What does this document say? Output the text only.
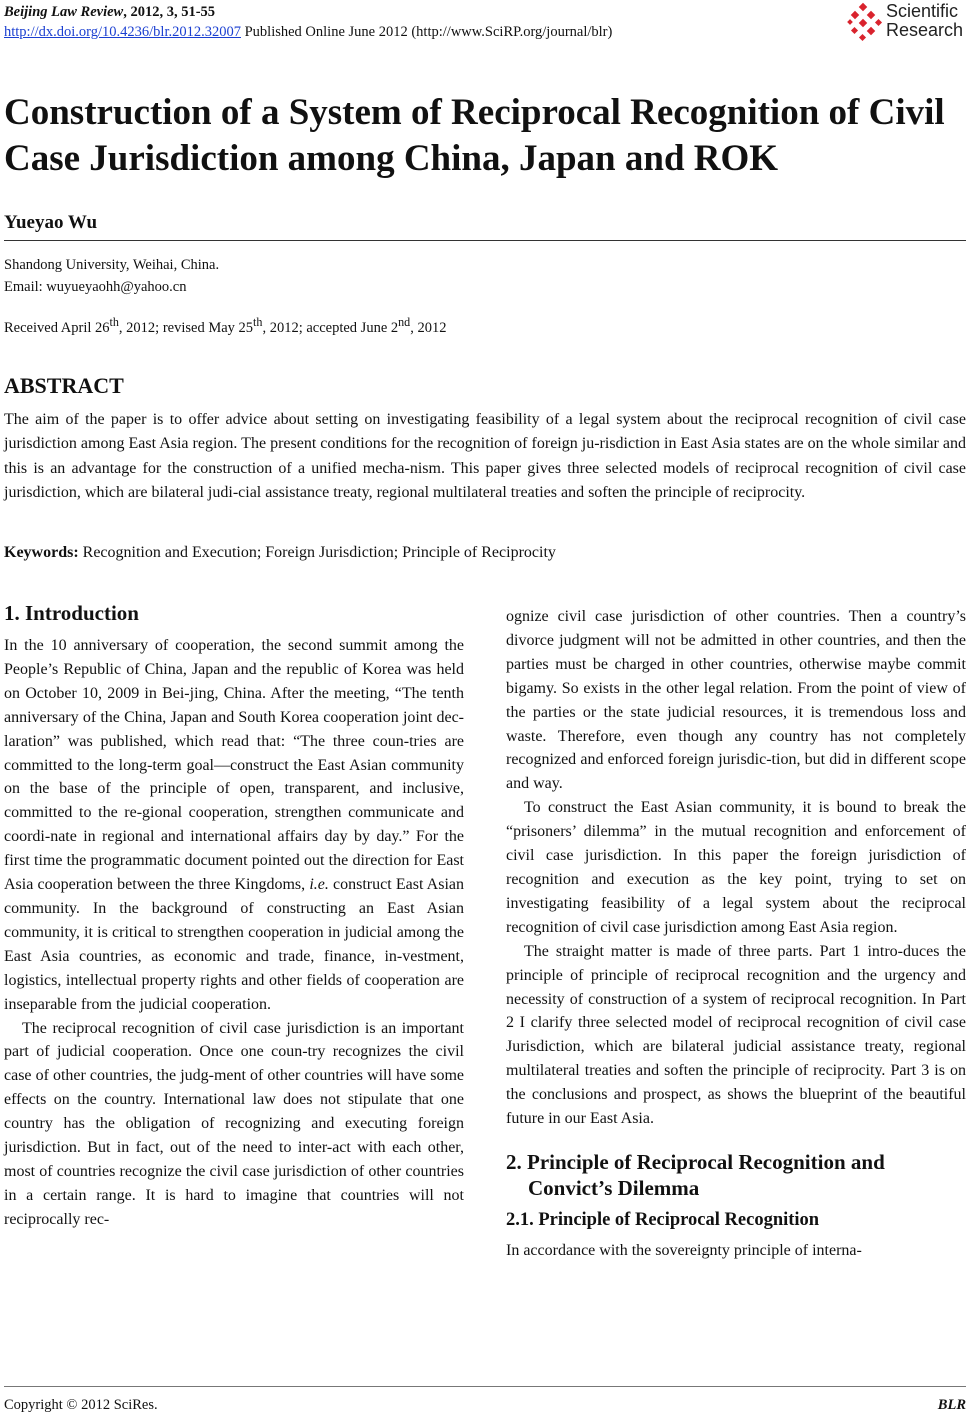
Beijing Law Review, 2012, 3, 51-55
http://dx.doi.org/10.4236/blr.2012.32007 Published Online June 2012 (http://www.SciRP.org/journal/blr)
Scientific
Research
Construction of a System of Reciprocal Recognition of Civil Case Jurisdiction among China, Japan and ROK
Yueyao Wu
Shandong University, Weihai, China.
Email: wuyueyaohh@yahoo.cn
Received April 26th, 2012; revised May 25th, 2012; accepted June 2nd, 2012
ABSTRACT

The aim of the paper is to offer advice about setting on investigating feasibility of a legal system about the reciprocal recognition of civil case jurisdiction among East Asia region. The present conditions for the recognition of foreign ju-risdiction in East Asia states are on the whole similar and this is an advantage for the construction of a unified mecha-nism. This paper gives three selected models of reciprocal recognition of civil case jurisdiction, which are bilateral judi-cial assistance treaty, regional multilateral treaties and soften the principle of reciprocity.

Keywords: Recognition and Execution; Foreign Jurisdiction; Principle of Reciprocity
1. Introduction

In the 10 anniversary of cooperation, the second summit among the People’s Republic of China, Japan and the republic of Korea was held on October 10, 2009 in Bei-jing, China. After the meeting, “The tenth anniversary of the China, Japan and South Korea cooperation joint dec-laration” was published, which read that: “The three coun-tries are committed to the long-term goal—construct the East Asian community on the base of the principle of open, transparent, and inclusive, committed to the re-gional cooperation, strengthen communicate and coordi-nate in regional and international affairs day by day.” For the first time the programmatic document pointed out the direction for East Asia cooperation between the three Kingdoms, i.e. construct East Asian community. In the background of constructing an East Asian community, it is critical to strengthen cooperation in judicial among the East Asia countries, as economic and trade, finance, in-vestment, logistics, intellectual property rights and other fields of cooperation are inseparable from the judicial cooperation.

The reciprocal recognition of civil case jurisdiction is an important part of judicial cooperation. Once one coun-try recognizes the civil case of other countries, the judg-ment of other countries will have some effects on the country. International law does not stipulate that one country has the obligation of recognizing and executing foreign jurisdiction. But in fact, out of the need to inter-act with each other, most of countries recognize the civil case jurisdiction of other countries in a certain range. It is hard to imagine that countries will not reciprocally rec-

ognize civil case jurisdiction of other countries. Then a country’s divorce judgment will not be admitted in other countries, and then the parties must be charged in other countries, otherwise maybe commit bigamy. So exists in the other legal relation. From the point of view of the parties or the state judicial resources, it is tremendous loss and waste. Therefore, even though any country has not completely recognized and enforced foreign jurisdic-tion, but did in different scope and way.

To construct the East Asian community, it is bound to break the “prisoners’ dilemma” in the mutual recognition and enforcement of civil case jurisdiction. In this paper the foreign jurisdiction of recognition and execution as the key point, trying to set on investigating feasibility of a legal system about the reciprocal recognition of civil case jurisdiction among East Asia region.

The straight matter is made of three parts. Part 1 intro-duces the principle of principle of reciprocal recognition and the urgency and necessity of construction of a system of reciprocal recognition. In Part 2 I clarify three selected model of reciprocal recognition of civil case Jurisdiction, which are bilateral judicial assistance treaty, regional multilateral treaties and soften the principle of reciprocity. Part 3 is on the conclusions and prospect, as shows the blueprint of the beautiful future in our East Asia.

2. Principle of Reciprocal Recognition and
Convict’s Dilemma
2.1. Principle of Reciprocal Recognition

In accordance with the sovereignty principle of interna-

Copyright © 2012 SciRes.	BLR
